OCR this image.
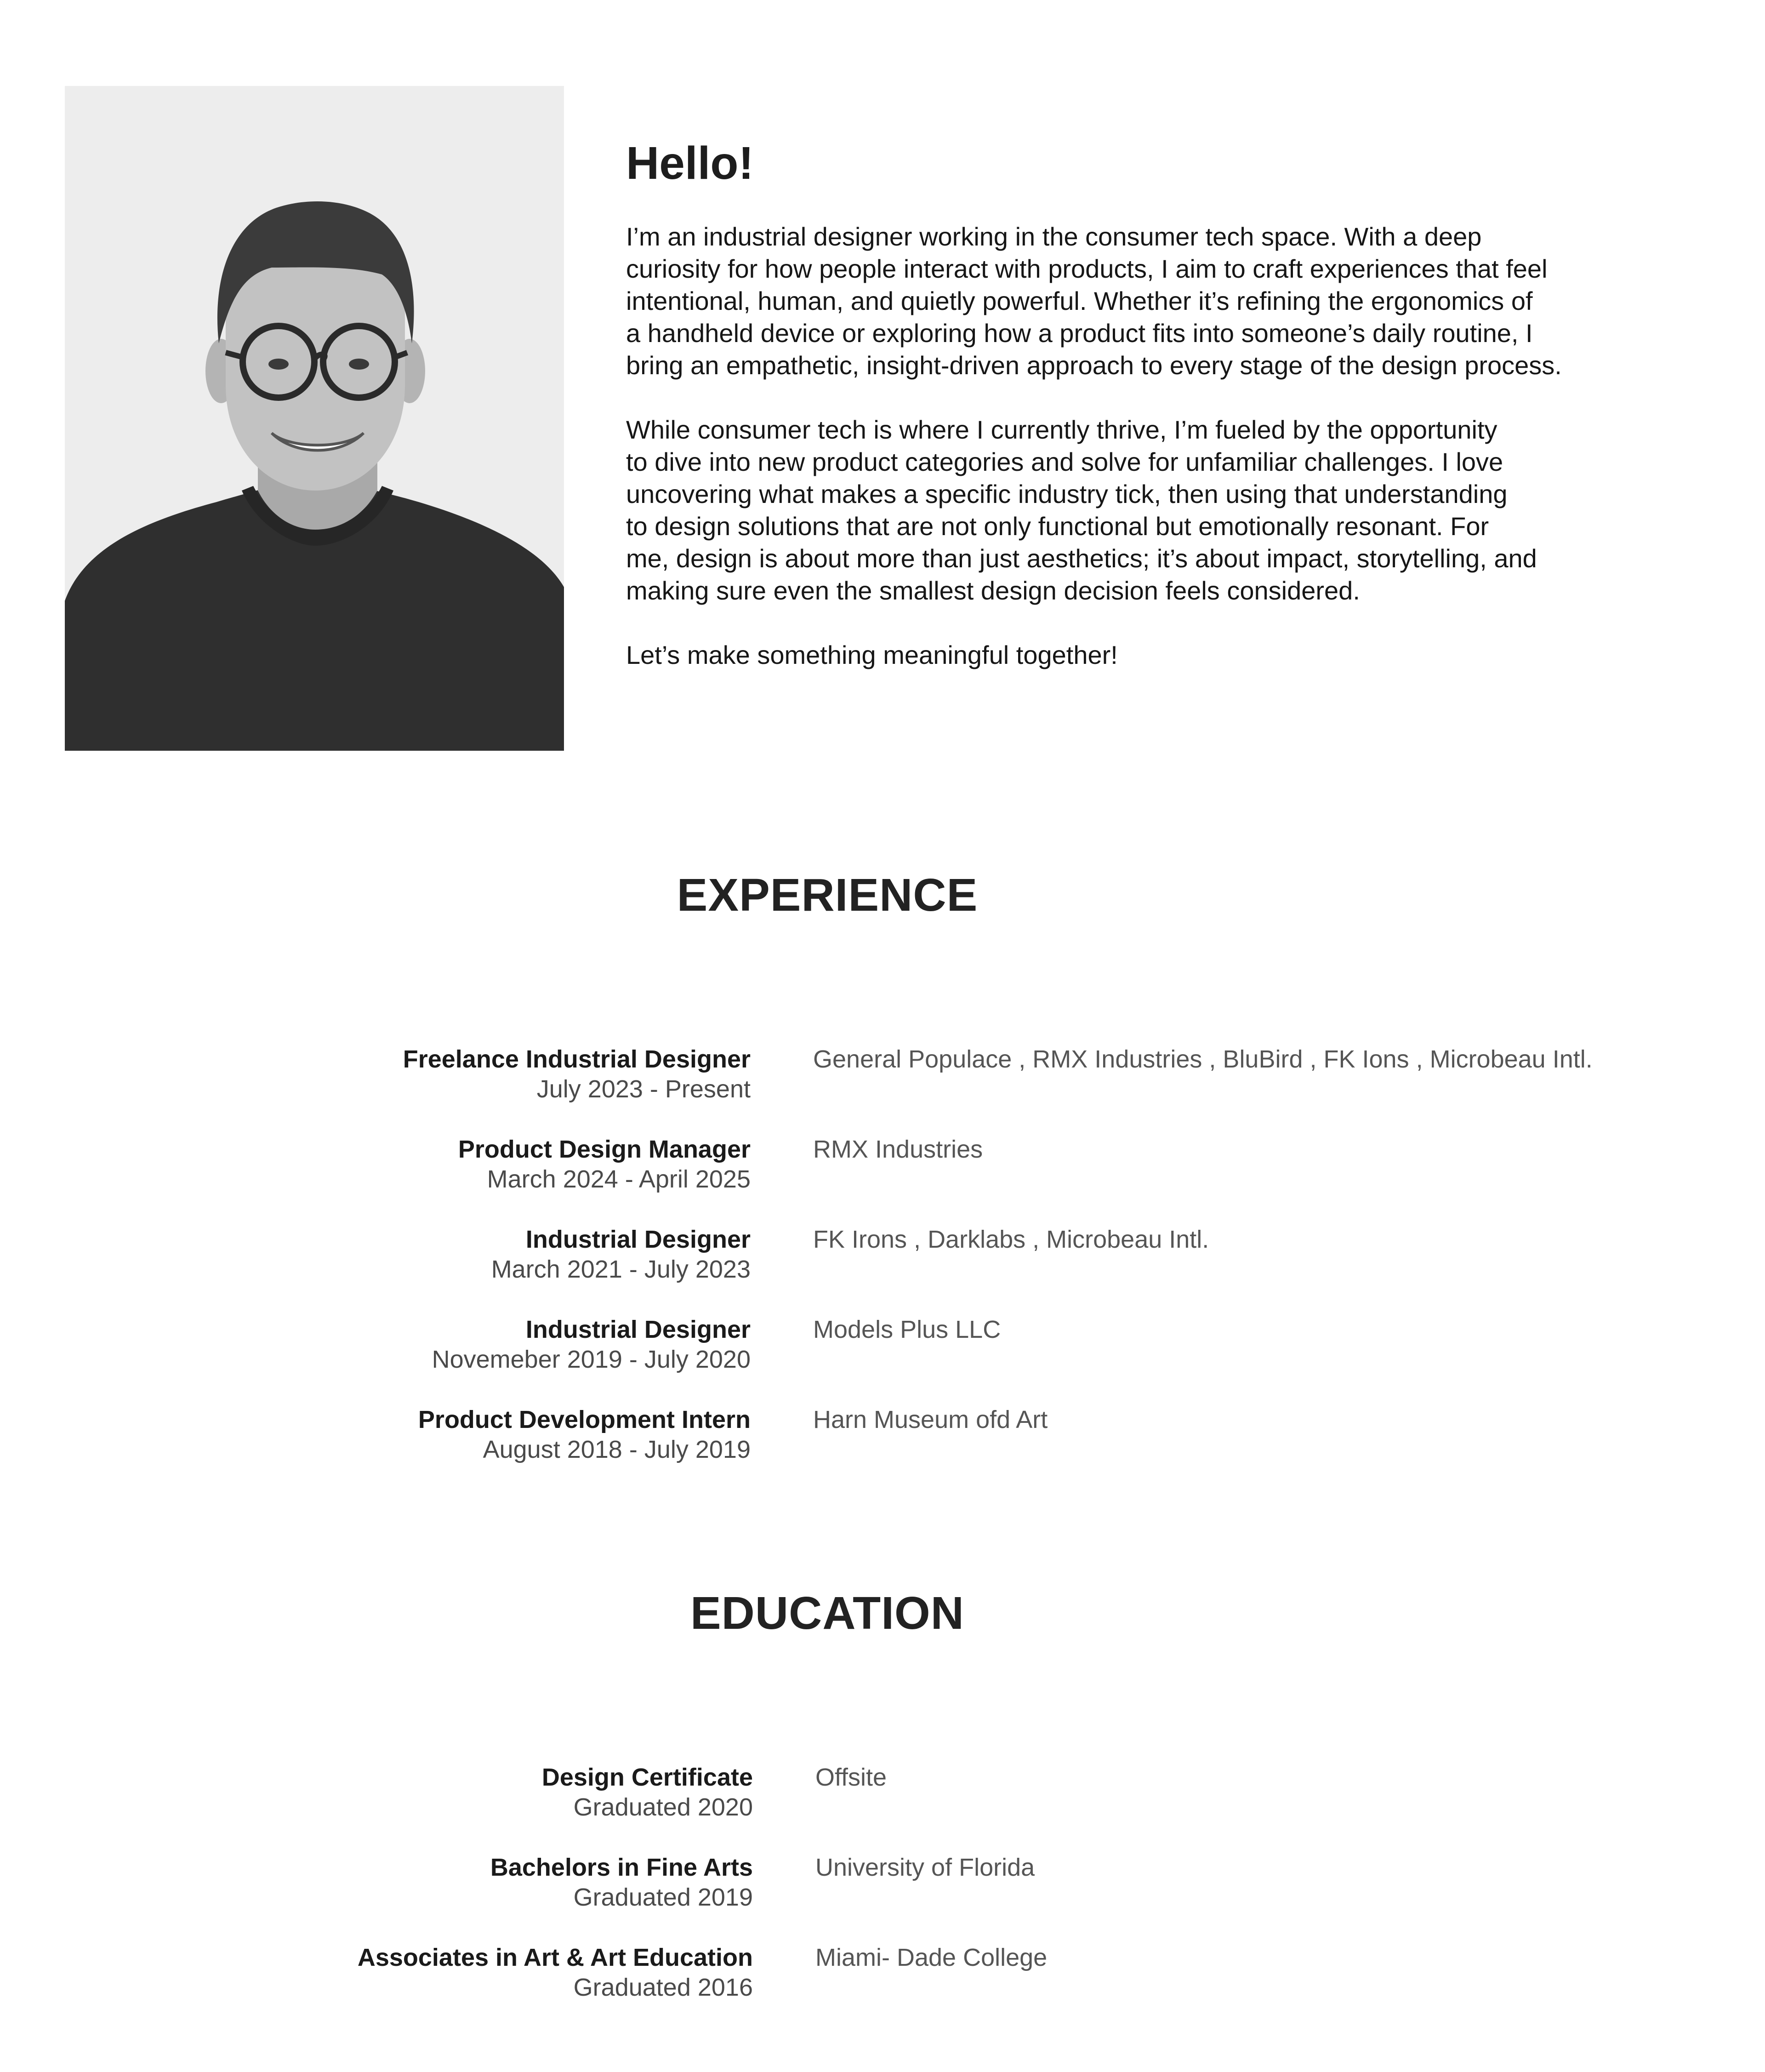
Hello!

I’m an industrial designer working in the consumer tech space. With a deep
curiosity for how people interact with products, I aim to craft experiences that feel
intentional, human, and quietly powerful. Whether it’s refining the ergonomics of
a handheld device or exploring how a product fits into someone’s daily routine, I
bring an empathetic, insight-driven approach to every stage of the design process.

While consumer tech is where I currently thrive, I’m fueled by the opportunity
to dive into new product categories and solve for unfamiliar challenges. I love
uncovering what makes a specific industry tick, then using that understanding
to design solutions that are not only functional but emotionally resonant. For
me, design is about more than just aesthetics; it’s about impact, storytelling, and
making sure even the smallest design decision feels considered.

Let’s make something meaningful together!

EXPERIENCE
Freelance Industrial Designer
July 2023 - Present
General Populace , RMX Industries , BluBird , FK Ions , Microbeau Intl.
Product Design Manager
March 2024 - April 2025
RMX Industries
Industrial Designer
March 2021 - July 2023
FK Irons , Darklabs , Microbeau Intl.
Industrial Designer
Novemeber 2019 - July 2020
Models Plus LLC
Product Development Intern
August 2018 - July 2019
Harn Museum ofd Art
EDUCATION
Design Certificate
Graduated 2020
Offsite
Bachelors in Fine Arts
Graduated 2019
University of Florida
Associates in Art & Art Education
Graduated 2016
Miami- Dade College
